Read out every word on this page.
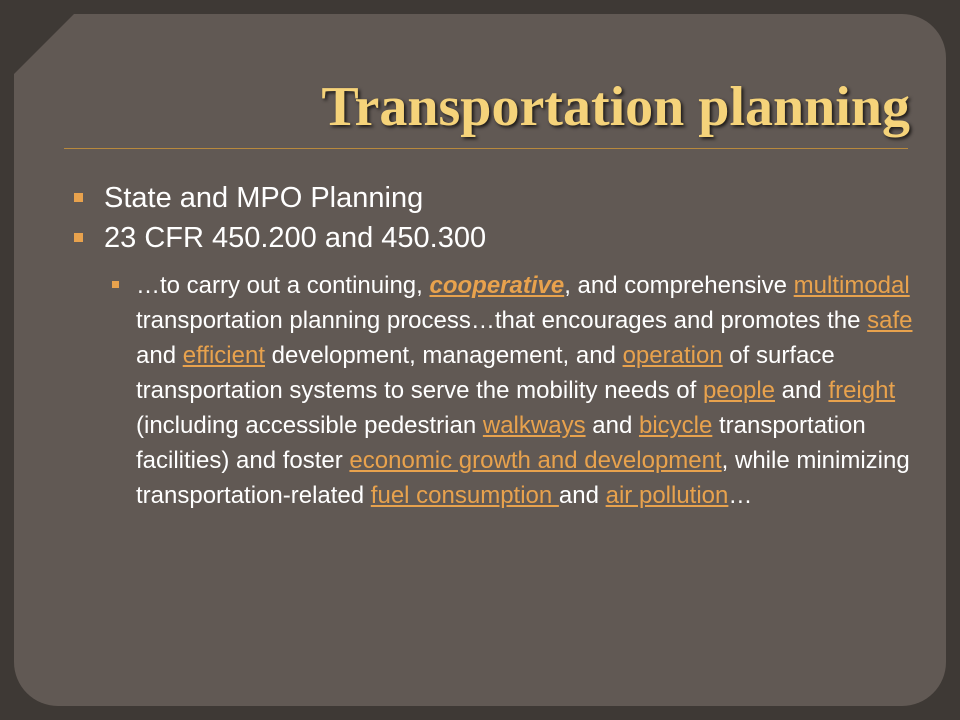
Transportation planning
State and MPO Planning
23 CFR 450.200 and 450.300
…to carry out a continuing, cooperative, and comprehensive multimodal transportation planning process…that encourages and promotes the safe and efficient development, management, and operation of surface transportation systems to serve the mobility needs of people and freight (including accessible pedestrian walkways and bicycle transportation facilities) and foster economic growth and development, while minimizing transportation-related fuel consumption and air pollution…
